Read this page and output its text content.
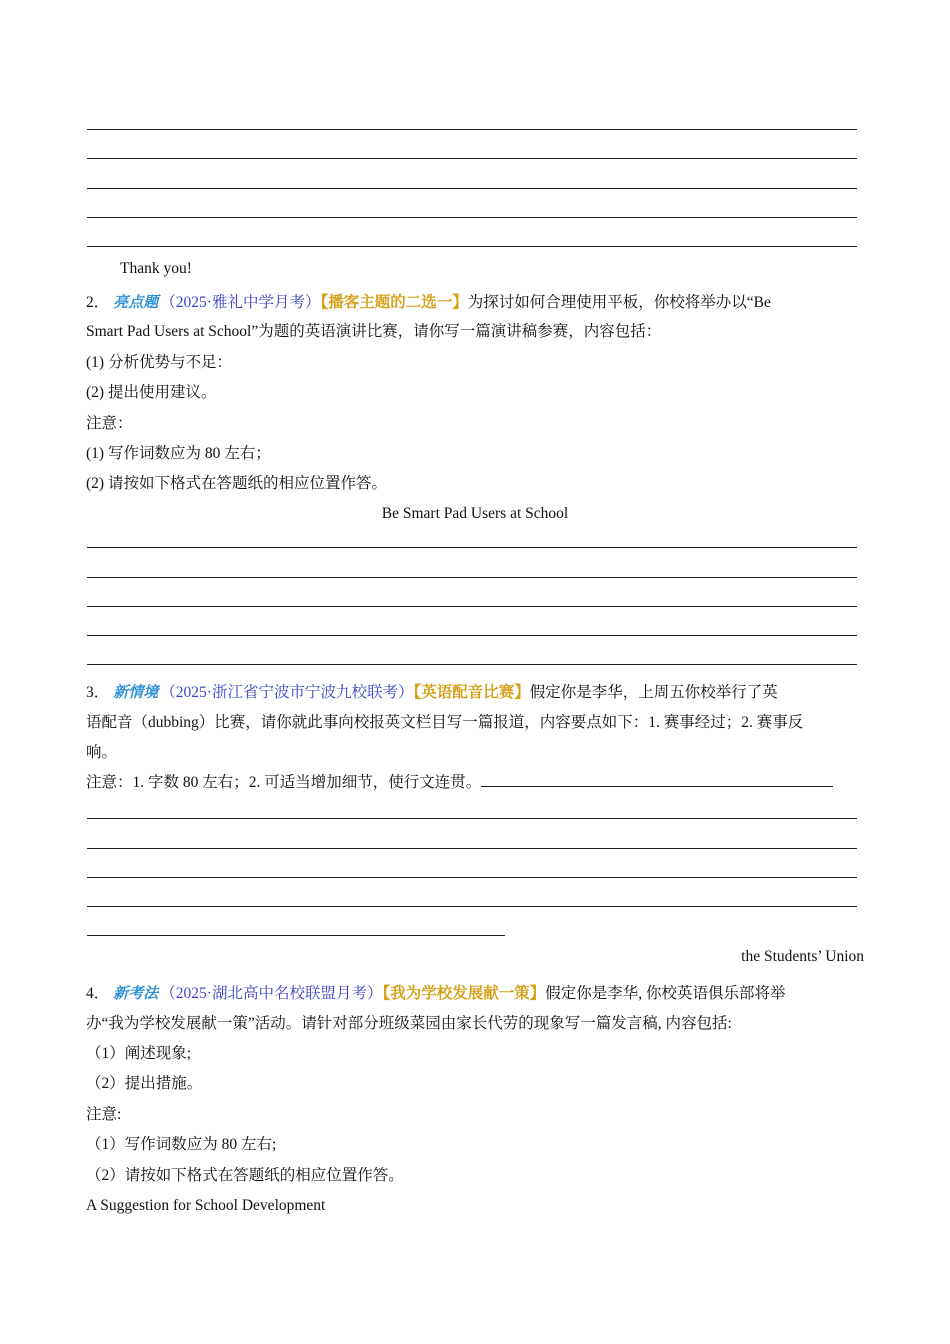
Thank you!
2． 亮点题 （2025·雅礼中学月考）【播客主题的二选一】为探讨如何合理使用平板，你校将举办以“Be
Smart Pad Users at School”为题的英语演讲比赛，请你写一篇演讲稿参赛，内容包括：
(1) 分析优势与不足：
(2) 提出使用建议。
注意：
(1) 写作词数应为 80 左右；
(2) 请按如下格式在答题纸的相应位置作答。
Be Smart Pad Users at School
3． 新情境 （2025·浙江省宁波市宁波九校联考）【英语配音比赛】假定你是李华，上周五你校举行了英
语配音（dubbing）比赛，请你就此事向校报英文栏目写一篇报道，内容要点如下：1. 赛事经过；2. 赛事反
响。
注意：1. 字数 80 左右；2. 可适当增加细节，使行文连贯。
the Students’ Union
4． 新考法 （2025·湖北高中名校联盟月考）【我为学校发展献一策】假定你是李华, 你校英语俱乐部将举
办“我为学校发展献一策”活动。请针对部分班级菜园由家长代劳的现象写一篇发言稿, 内容包括:
（1）阐述现象;
（2）提出措施。
注意:
（1）写作词数应为 80 左右;
（2）请按如下格式在答题纸的相应位置作答。
A Suggestion for School Development
